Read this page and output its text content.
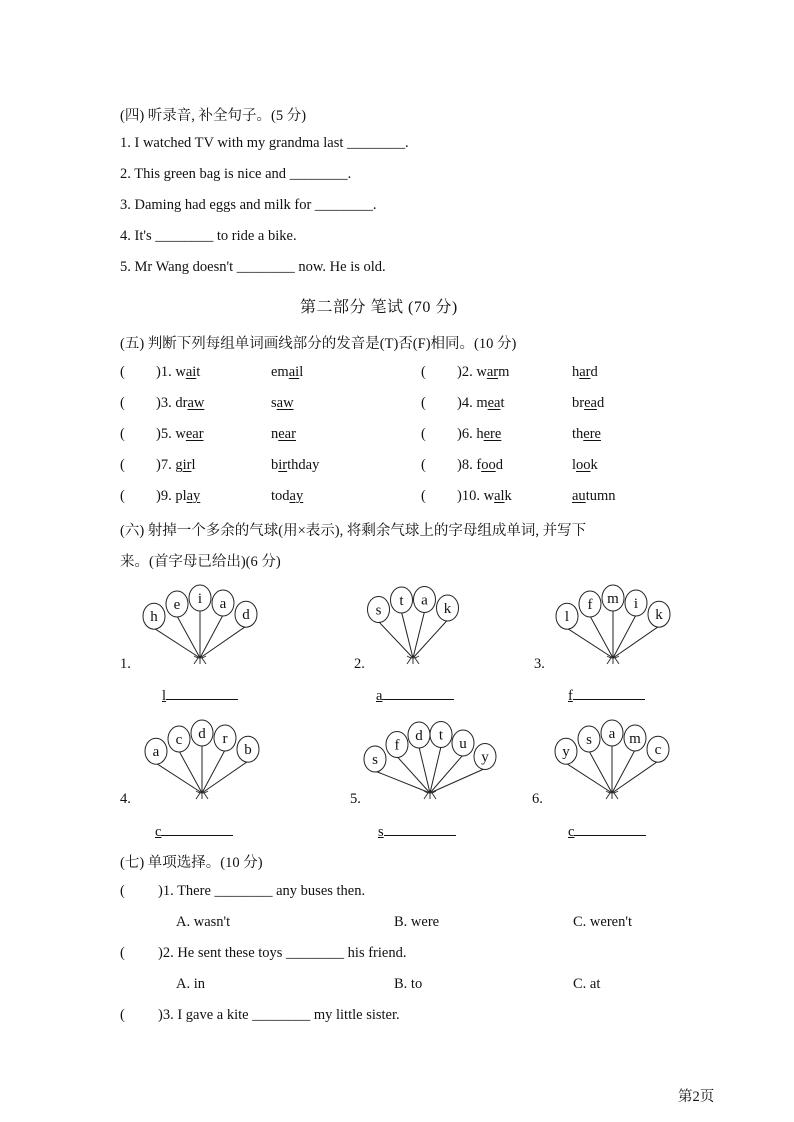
(四) 听录音, 补全句子。(5 分)
1. I watched TV with my grandma last ________.
2. This green bag is nice and ________.
3. Daming had eggs and milk for ________.
4. It's ________ to ride a bike.
5. Mr Wang doesn't ________ now. He is old.
第二部分 笔试 (70 分)
(五) 判断下列每组单词画线部分的发音是(T)否(F)相同。(10 分)
( )1. wait	email	( )2. warm	hard
( )3. draw	saw	( )4. meat	bread
( )5. wear	near	( )6. here	there
( )7. girl	birthday	( )8. food	look
( )9. play	today	( )10. walk	autumn
(六) 射掉一个多余的气球(用×表示), 将剩余气球上的字母组成单词, 并写下
来。(首字母已给出)(6 分)
h
e i a
d	s
t a
k
l
f m i
k
a
c d r
b
s
f
d t
u
y	y
s a m
c
1.
l
2.
a
3.
f
4.
c
5.
s
6.
c
(七) 单项选择。(10 分)
( )1. There ________ any buses then.
A. wasn't	B. were	C. weren't
( )2. He sent these toys ________ his friend.
A. in	B. to	C. at
( )3. I gave a kite ________ my little sister.
第2页
